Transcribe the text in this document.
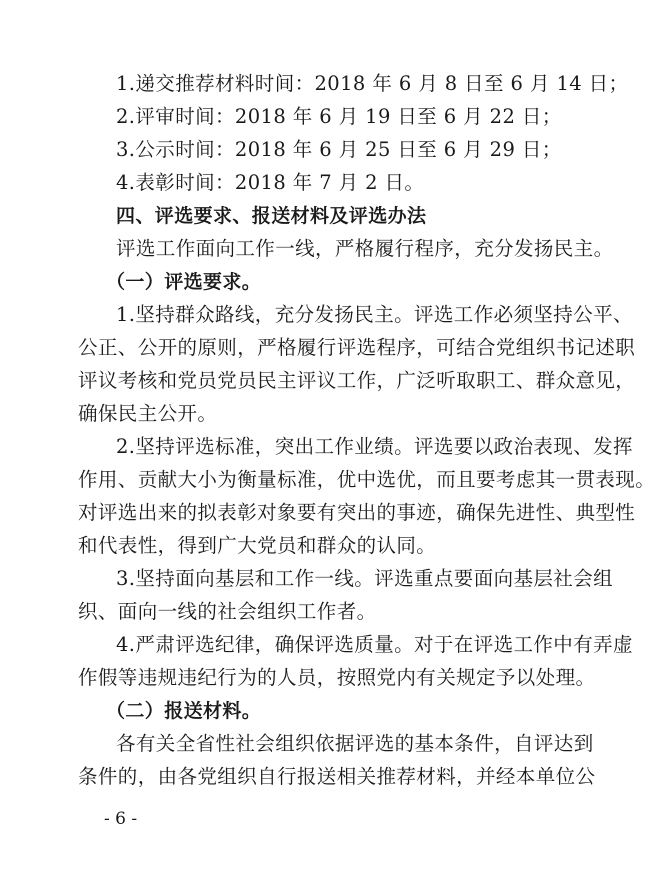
1.递交推荐材料时间：2018 年 6 月 8 日至 6 月 14 日；
2.评审时间：2018 年 6 月 19 日至 6 月 22 日；
3.公示时间：2018 年 6 月 25 日至 6 月 29 日；
4.表彰时间：2018 年 7 月 2 日。
四、评选要求、报送材料及评选办法
评选工作面向工作一线，严格履行程序，充分发扬民主。
（一）评选要求。
1.坚持群众路线，充分发扬民主。评选工作必须坚持公平、
公正、公开的原则，严格履行评选程序，可结合党组织书记述职
评议考核和党员党员民主评议工作，广泛听取职工、群众意见，
确保民主公开。
2.坚持评选标准，突出工作业绩。评选要以政治表现、发挥
作用、贡献大小为衡量标准，优中选优，而且要考虑其一贯表现。
对评选出来的拟表彰对象要有突出的事迹，确保先进性、典型性
和代表性，得到广大党员和群众的认同。
3.坚持面向基层和工作一线。评选重点要面向基层社会组
织、面向一线的社会组织工作者。
4.严肃评选纪律，确保评选质量。对于在评选工作中有弄虚
作假等违规违纪行为的人员，按照党内有关规定予以处理。
（二）报送材料。
各有关全省性社会组织依据评选的基本条件，自评达到
条件的，由各党组织自行报送相关推荐材料，并经本单位公
- 6 -
